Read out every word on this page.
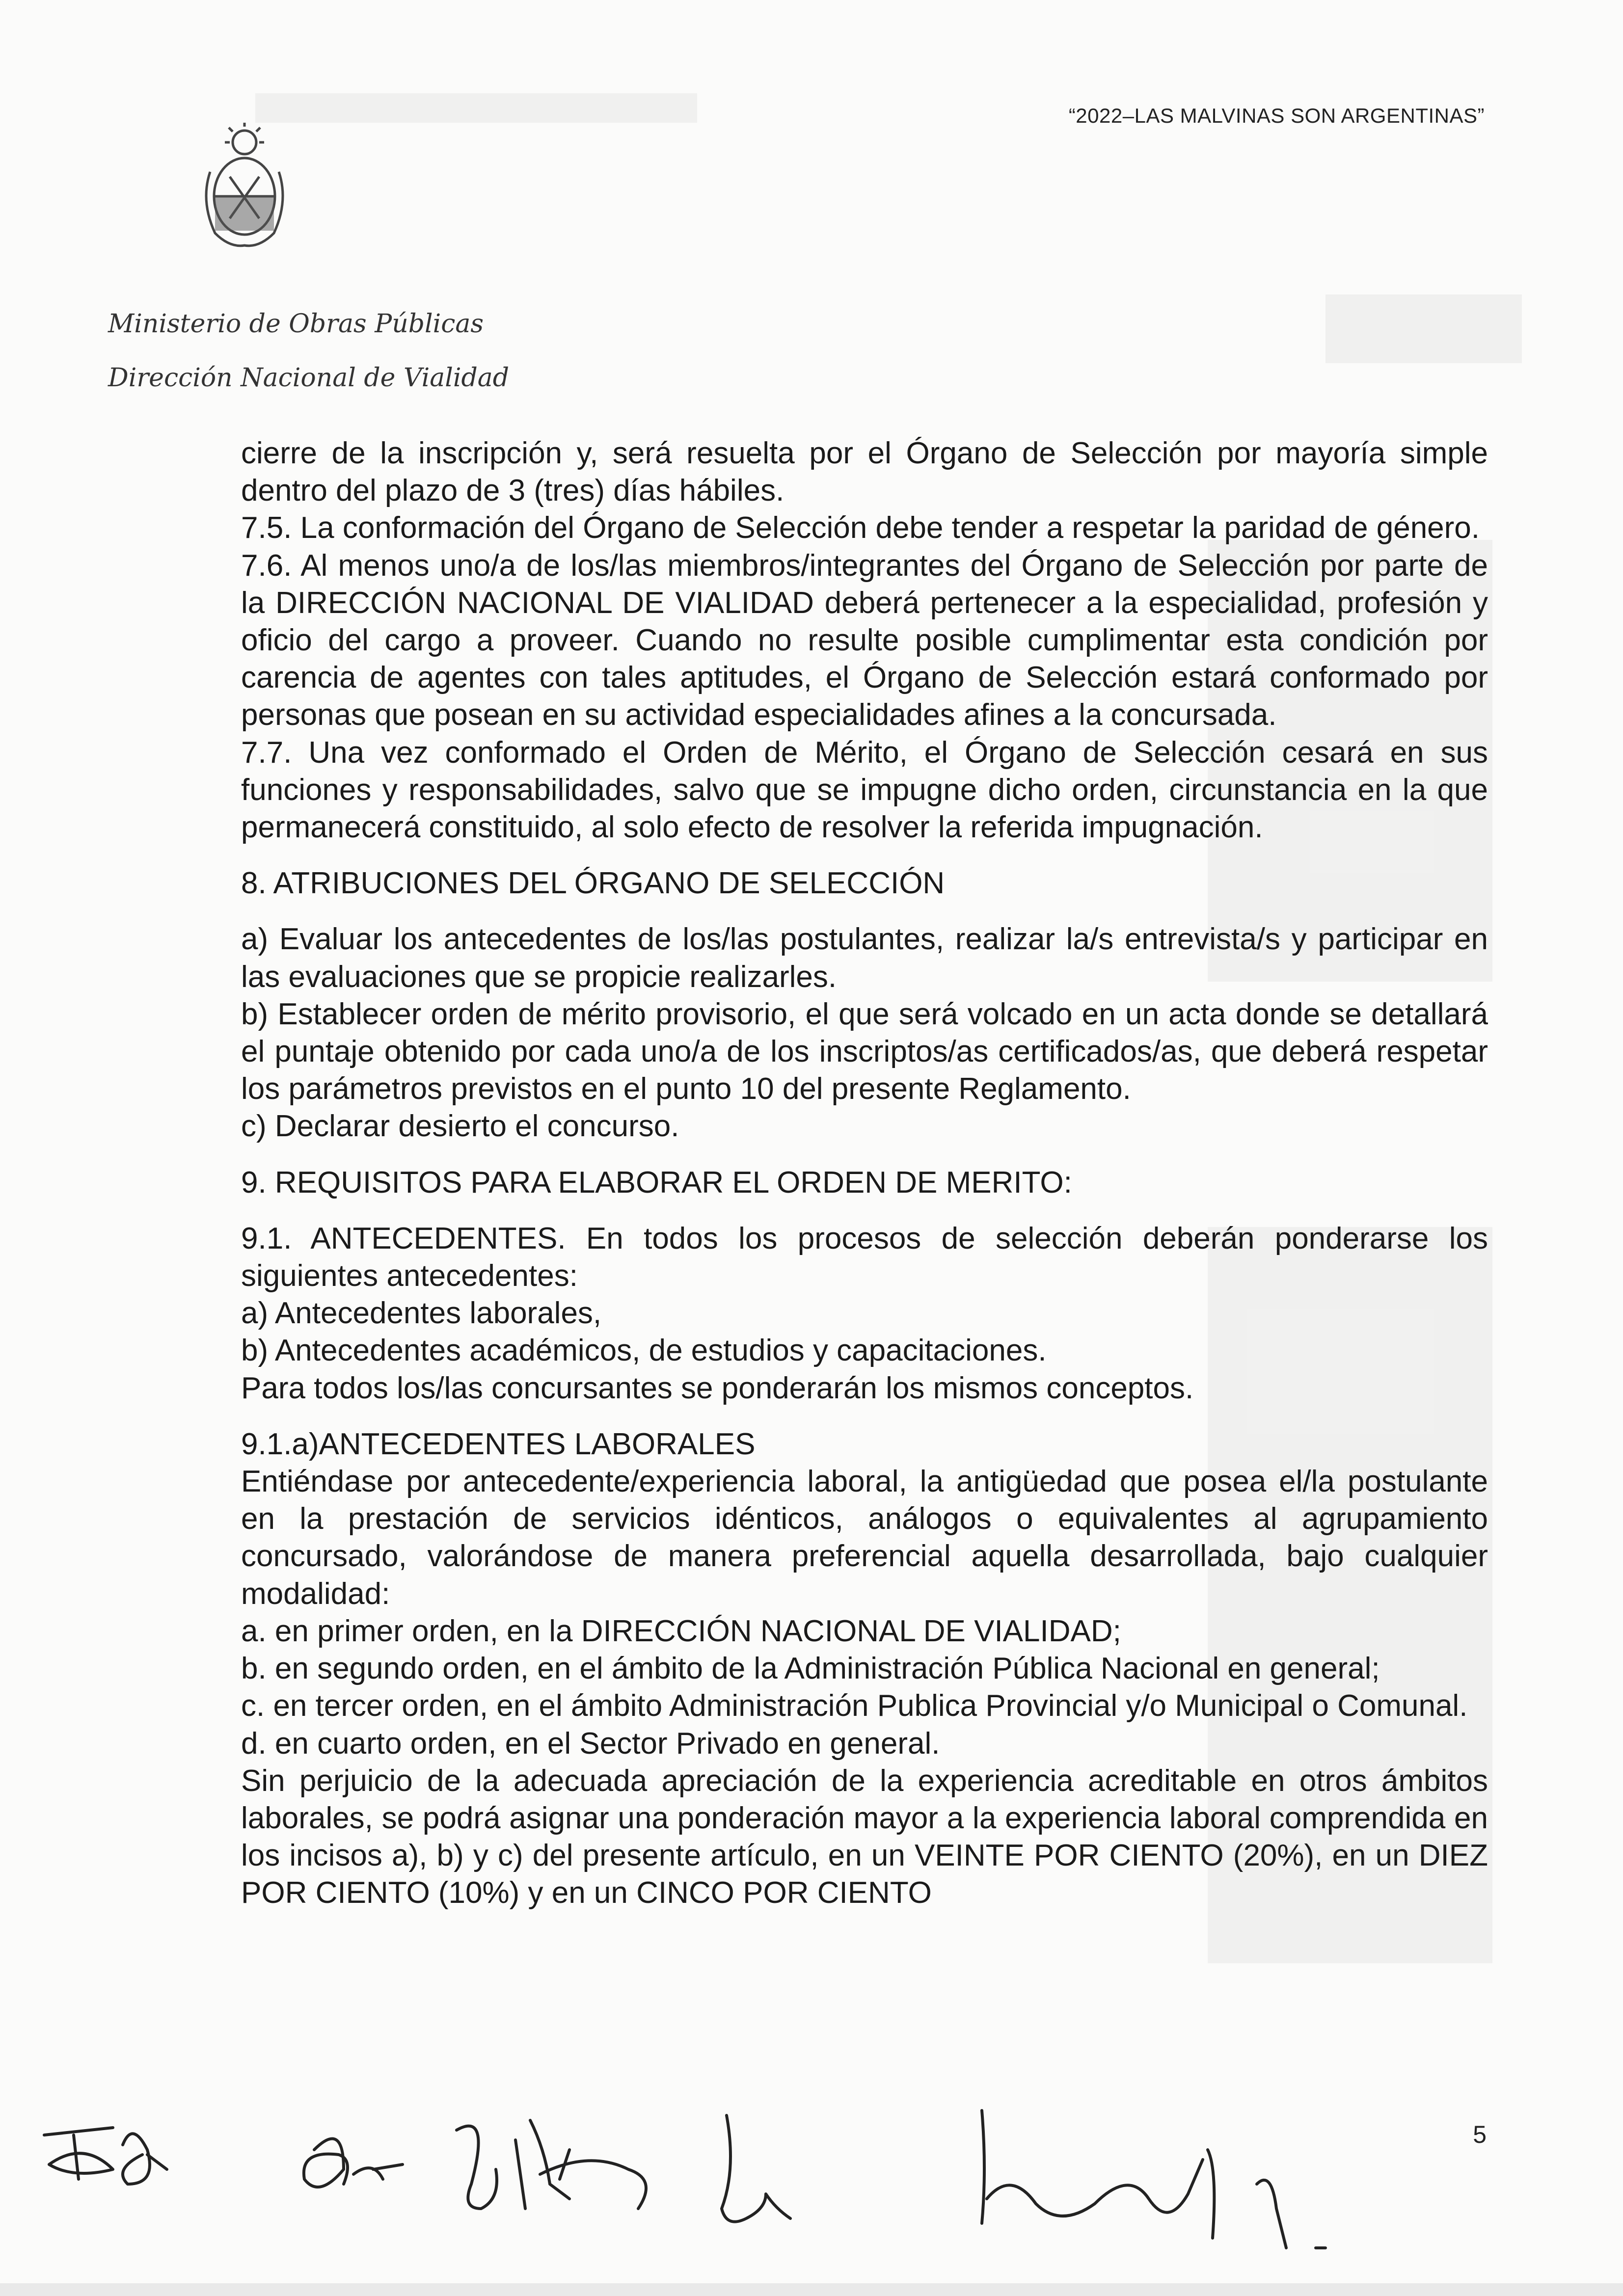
“2022–LAS MALVINAS SON ARGENTINAS”
Ministerio de Obras Públicas
Dirección Nacional de Vialidad

cierre de la inscripción y, será resuelta por el Órgano de Selección por mayoría simple dentro del plazo de 3 (tres) días hábiles.

7.5. La conformación del Órgano de Selección debe tender a respetar la paridad de género.

7.6. Al menos uno/a de los/las miembros/integrantes del Órgano de Selección por parte de la DIRECCIÓN NACIONAL DE VIALIDAD deberá pertenecer a la especialidad, profesión y oficio del cargo a proveer. Cuando no resulte posible cumplimentar esta condición por carencia de agentes con tales aptitudes, el Órgano de Selección estará conformado por personas que posean en su actividad especialidades afines a la concursada.

7.7. Una vez conformado el Orden de Mérito, el Órgano de Selección cesará en sus funciones y responsabilidades, salvo que se impugne dicho orden, circunstancia en la que permanecerá constituido, al solo efecto de resolver la referida impugnación.

8. ATRIBUCIONES DEL ÓRGANO DE SELECCIÓN

a) Evaluar los antecedentes de los/las postulantes, realizar la/s entrevista/s y participar en las evaluaciones que se propicie realizarles.

b) Establecer orden de mérito provisorio, el que será volcado en un acta donde se detallará el puntaje obtenido por cada uno/a de los inscriptos/as certificados/as, que deberá respetar los parámetros previstos en el punto 10 del presente Reglamento.

c) Declarar desierto el concurso.

9. REQUISITOS PARA ELABORAR EL ORDEN DE MERITO:

9.1. ANTECEDENTES. En todos los procesos de selección deberán ponderarse los siguientes antecedentes:

a) Antecedentes laborales,

b) Antecedentes académicos, de estudios y capacitaciones.

Para todos los/las concursantes se ponderarán los mismos conceptos.

9.1.a)ANTECEDENTES LABORALES

Entiéndase por antecedente/experiencia laboral, la antigüedad que posea el/la postulante en la prestación de servicios idénticos, análogos o equivalentes al agrupamiento concursado, valorándose de manera preferencial aquella desarrollada, bajo cualquier modalidad:

a. en primer orden, en la DIRECCIÓN NACIONAL DE VIALIDAD;

b. en segundo orden, en el ámbito de la Administración Pública Nacional en general;

c. en tercer orden, en el ámbito Administración Publica Provincial y/o Municipal o Comunal.

d. en cuarto orden, en el Sector Privado en general.

Sin perjuicio de la adecuada apreciación de la experiencia acreditable en otros ámbitos laborales, se podrá asignar una ponderación mayor a la experiencia laboral comprendida en los incisos a), b) y c) del presente artículo, en un VEINTE POR CIENTO (20%), en un DIEZ POR CIENTO (10%) y en un CINCO POR CIENTO

5
